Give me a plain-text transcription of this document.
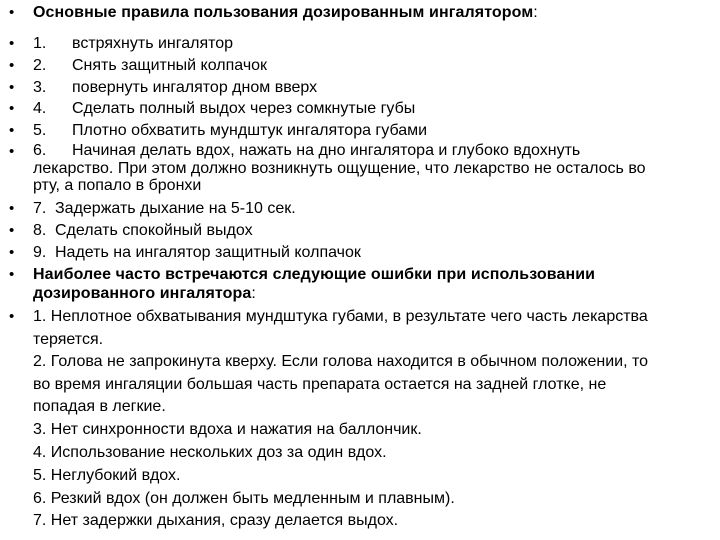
•	Основные правила пользования дозированным ингалятором:
•	1. встряхнуть ингалятор
•	2. Снять защитный колпачок
•	3. повернуть ингалятор дном вверх
•	4. Сделать полный выдох через сомкнутые губы
•	5. Плотно обхватить мундштук ингалятора губами
•	6. Начиная делать вдох, нажать на дно ингалятора и глубоко вдохнуть
лекарство. При этом должно возникнуть ощущение, что лекарство не осталось во
рту, а попало в бронхи
•	7. Задержать дыхание на 5-10 сек.
•	8. Сделать спокойный выдох
•	9. Надеть на ингалятор защитный колпачок
•	Наиболее часто встречаются следующие ошибки при использовании
дозированного ингалятора:
•	1. Неплотное обхватывания мундштука губами, в результате чего часть лекарства
теряется.
2. Голова не запрокинута кверху. Если голова находится в обычном положении, то
во время ингаляции большая часть препарата остается на задней глотке, не
попадая в легкие.
3. Нет синхронности вдоха и нажатия на баллончик.
4. Использование нескольких доз за один вдох.
5. Неглубокий вдох.
6. Резкий вдох (он должен быть медленным и плавным).
7. Нет задержки дыхания, сразу делается выдох.
